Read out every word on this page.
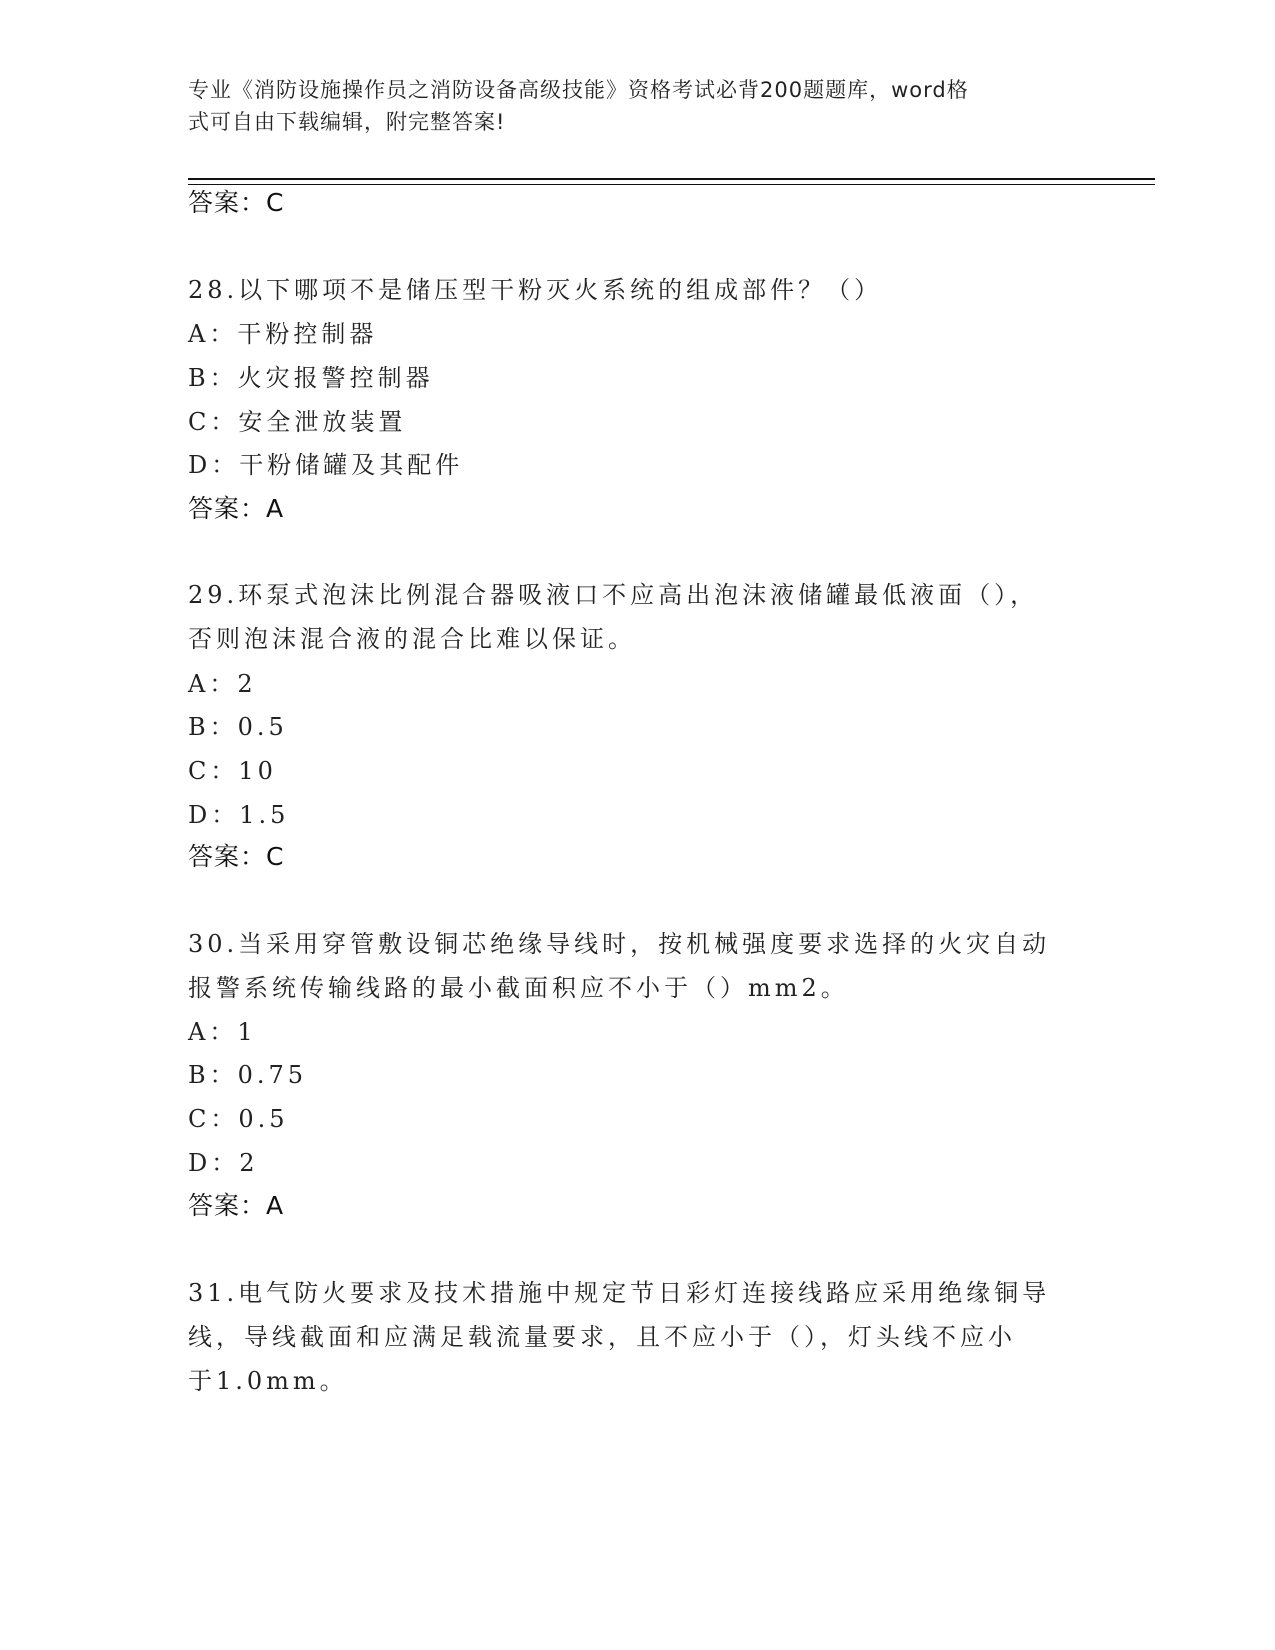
专业《消防设施操作员之消防设备高级技能》资格考试必背200题题库，word格
式可自由下载编辑，附完整答案!
答案：C
28.以下哪项不是储压型干粉灭火系统的组成部件？（）
A：干粉控制器
B：火灾报警控制器
C：安全泄放装置
D：干粉储罐及其配件
答案：A
29.环泵式泡沫比例混合器吸液口不应高出泡沫液储罐最低液面（），
否则泡沫混合液的混合比难以保证。
A：2
B：0.5
C：10
D：1.5
答案：C
30.当采用穿管敷设铜芯绝缘导线时，按机械强度要求选择的火灾自动
报警系统传输线路的最小截面积应不小于（）mm2。
A：1
B：0.75
C：0.5
D：2
答案：A
31.电气防火要求及技术措施中规定节日彩灯连接线路应采用绝缘铜导
线，导线截面和应满足载流量要求，且不应小于（），灯头线不应小
于1.0mm。
